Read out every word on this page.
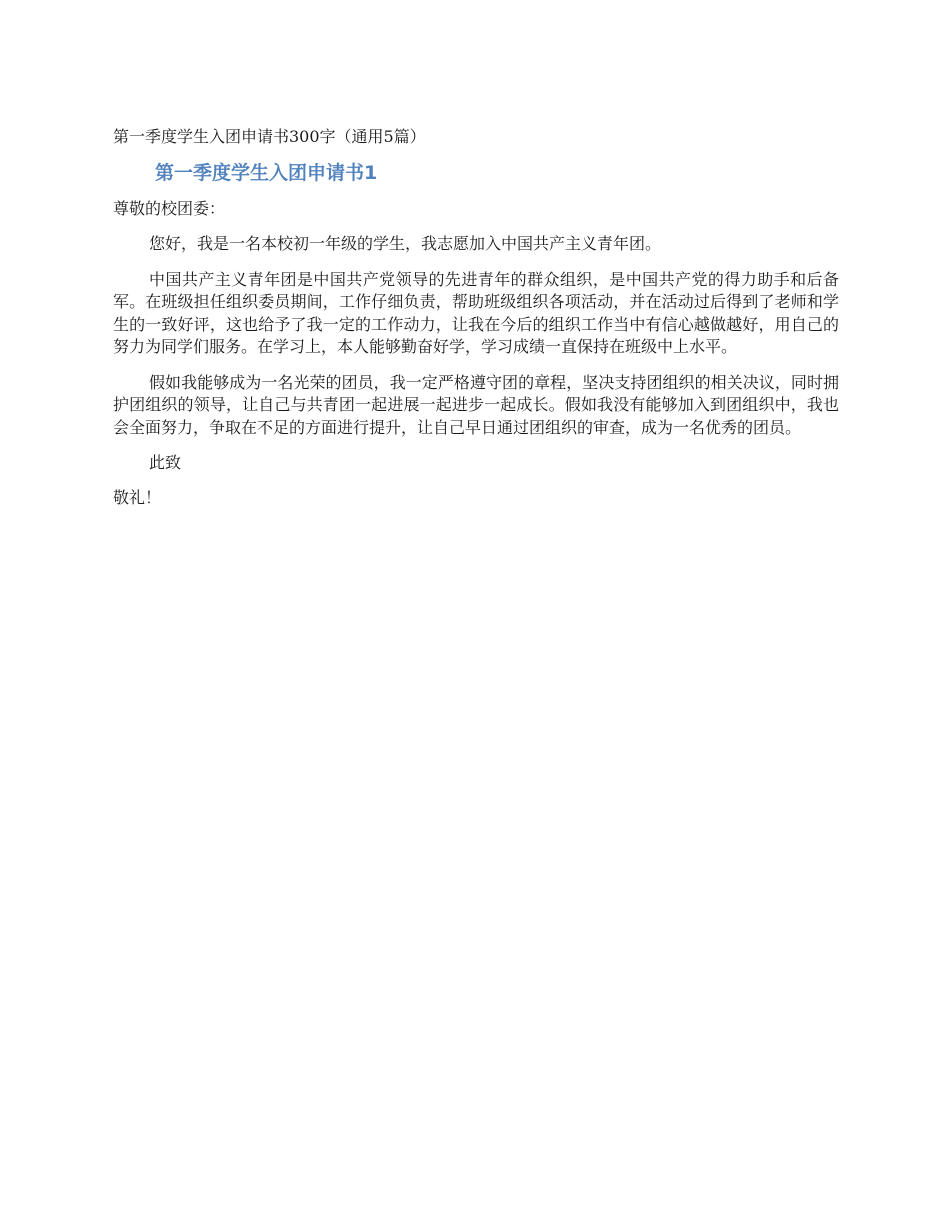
第一季度学生入团申请书300字（通用5篇）
第一季度学生入团申请书1
尊敬的校团委：

您好，我是一名本校初一年级的学生，我志愿加入中国共产主义青年团。

中国共产主义青年团是中国共产党领导的先进青年的群众组织，是中国共产党的得力助手和后备军。在班级担任组织委员期间，工作仔细负责，帮助班级组织各项活动，并在活动过后得到了老师和学生的一致好评，这也给予了我一定的工作动力，让我在今后的组织工作当中有信心越做越好，用自己的努力为同学们服务。在学习上，本人能够勤奋好学，学习成绩一直保持在班级中上水平。

假如我能够成为一名光荣的团员，我一定严格遵守团的章程，坚决支持团组织的相关决议，同时拥护团组织的领导，让自己与共青团一起进展一起进步一起成长。假如我没有能够加入到团组织中，我也会全面努力，争取在不足的方面进行提升，让自己早日通过团组织的审查，成为一名优秀的团员。

此致
敬礼！
